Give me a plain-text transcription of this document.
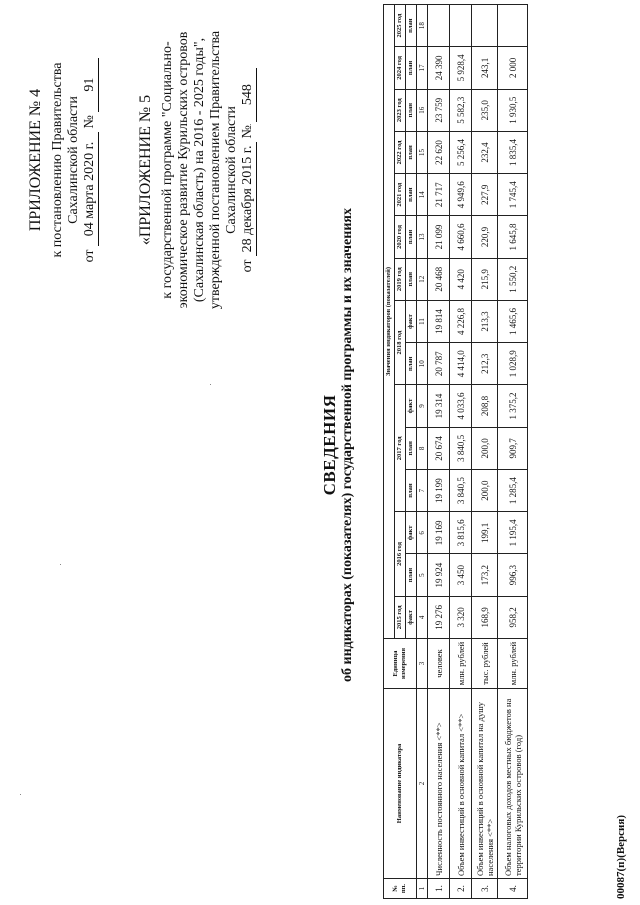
ПРИЛОЖЕНИЕ № 4 к постановлению Правительства Сахалинской области
от 04 марта 2020 г. № 91
«ПРИЛОЖЕНИЕ № 5 к государственной программе "Социально- экономическое развитие Курильских островов (Сахалинская область) на 2016 - 2025 годы", утвержденной постановлением Правительства Сахалинской области
от 28 декабря 2015 г. № 548
СВЕДЕНИЯ об индикаторах (показателях) государственной программы и их значениях
№ пп.	Наименование индикатора	Единица измерения	Значения индикаторов (показателей)														
			2015 год	2016 год		2017 год			2018 год		2019 год	2020 год	2021 год	2022 год	2023 год	2024 год	2025 год
			факт	план	факт	план	план	факт	план	факт	план	план	план	план	план	план	план
1	2	3	4	5	6	7	8	9	10	11	12	13	14	15	16	17	18
1.	Численность постоянного населения <**>	человек	19 276	19 924	19 169	19 199	20 674	19 314	20 787	19 814	20 468	21 099	21 717	22 620	23 759	24 390	
2.	Объем инвестиций в основной капитал <**>	млн. рублей	3 320	3 450	3 815,6	3 840,5	3 840,5	4 033,6	4 414,0	4 226,8	4 420	4 660,6	4 949,6	5 256,4	5 582,3	5 928,4	
3.	Объем инвестиций в основной капитал на душу населения <**>	тыс. рублей	168,9	173,2	199,1	200,0	200,0	208,8	212,3	213,3	215,9	220,9	227,9	232,4	235,0	243,1	
4.	Объем налоговых доходов местных бюджетов на территории Курильских островов (год)	млн. рублей	958,2	996,3	1 195,4	1 285,4	909,7	1 375,2	1 028,9	1 465,6	1 550,2	1 645,8	1 745,4	1 835,4	1 930,5	2 000	
00087(п)(Версия)
